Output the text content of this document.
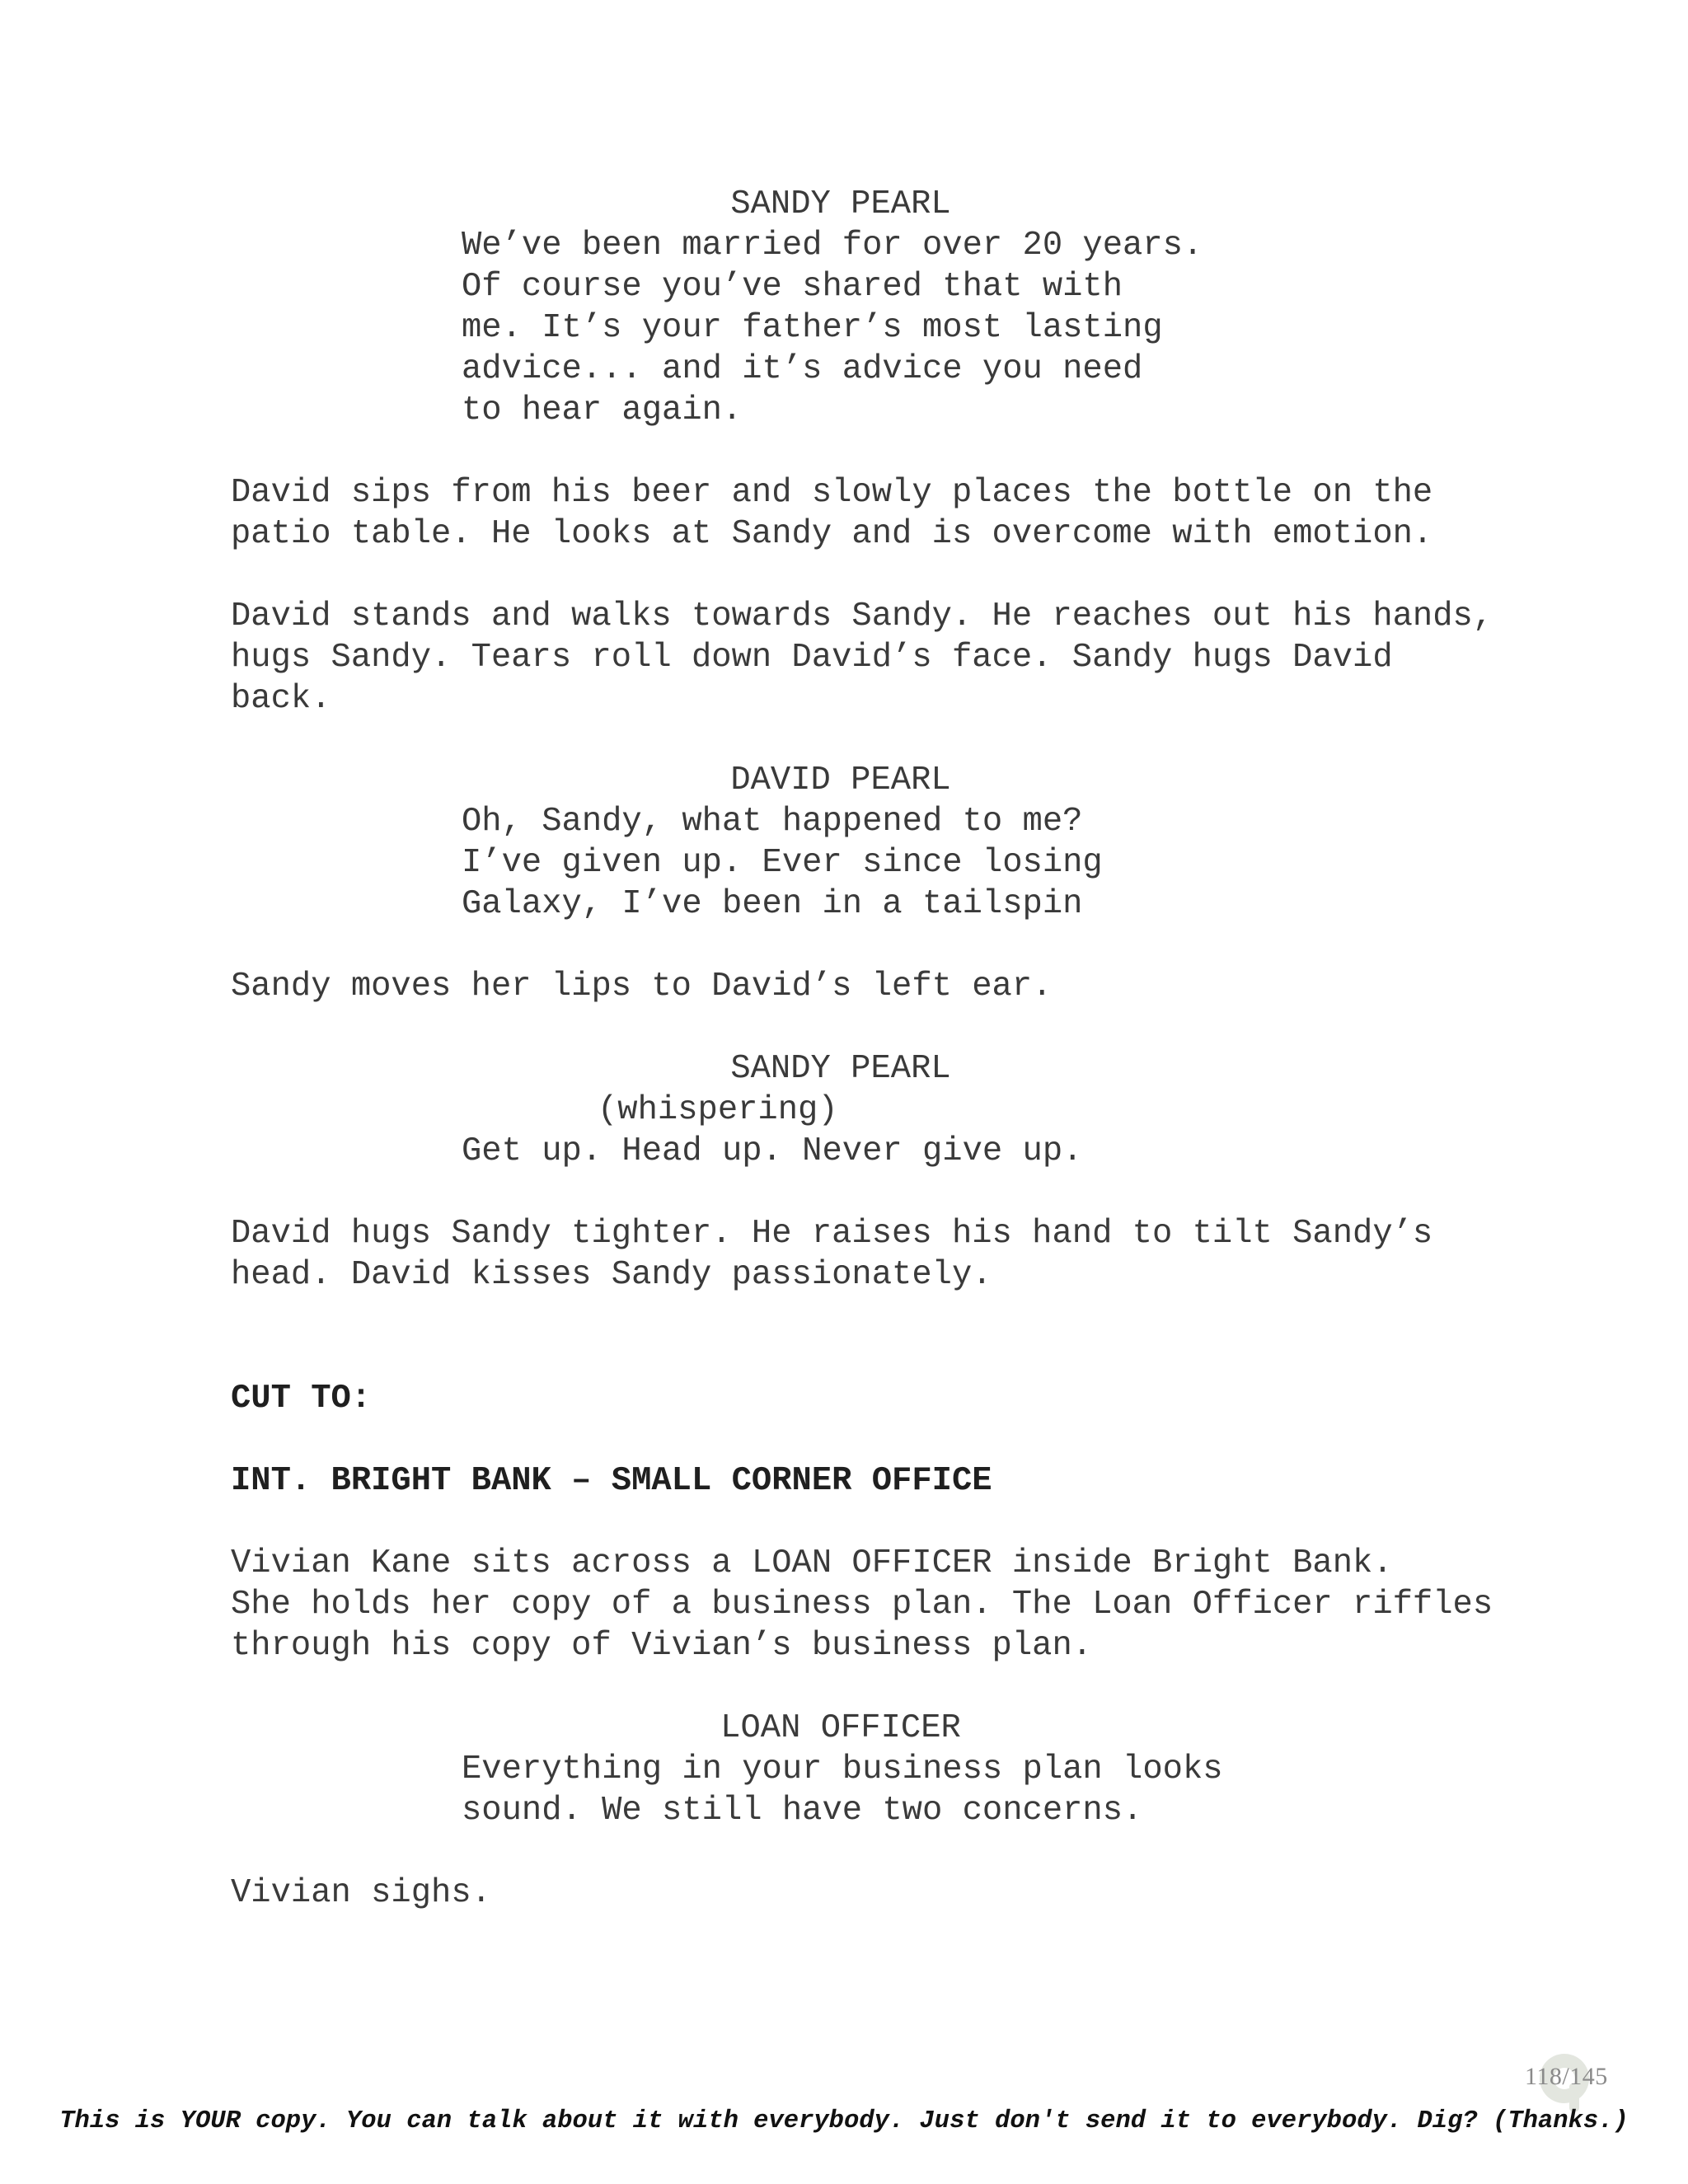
SANDY PEARL
We’ve been married for over 20 years.
Of course you’ve shared that with
me. It’s your father’s most lasting
advice... and it’s advice you need
to hear again.
David sips from his beer and slowly places the bottle on the
patio table. He looks at Sandy and is overcome with emotion.
David stands and walks towards Sandy. He reaches out his hands,
hugs Sandy. Tears roll down David’s face. Sandy hugs David
back.
DAVID PEARL
Oh, Sandy, what happened to me?
I’ve given up. Ever since losing
Galaxy, I’ve been in a tailspin
Sandy moves her lips to David’s left ear.
SANDY PEARL
(whispering)
Get up. Head up. Never give up.
David hugs Sandy tighter. He raises his hand to tilt Sandy’s
head. David kisses Sandy passionately.
CUT TO:
INT. BRIGHT BANK – SMALL CORNER OFFICE
Vivian Kane sits across a LOAN OFFICER inside Bright Bank.
She holds her copy of a business plan. The Loan Officer riffles
through his copy of Vivian’s business plan.
LOAN OFFICER
Everything in your business plan looks
sound. We still have two concerns.
Vivian sighs.
118/145
This is YOUR copy. You can talk about it with everybody. Just don't send it to everybody. Dig? (Thanks.)
